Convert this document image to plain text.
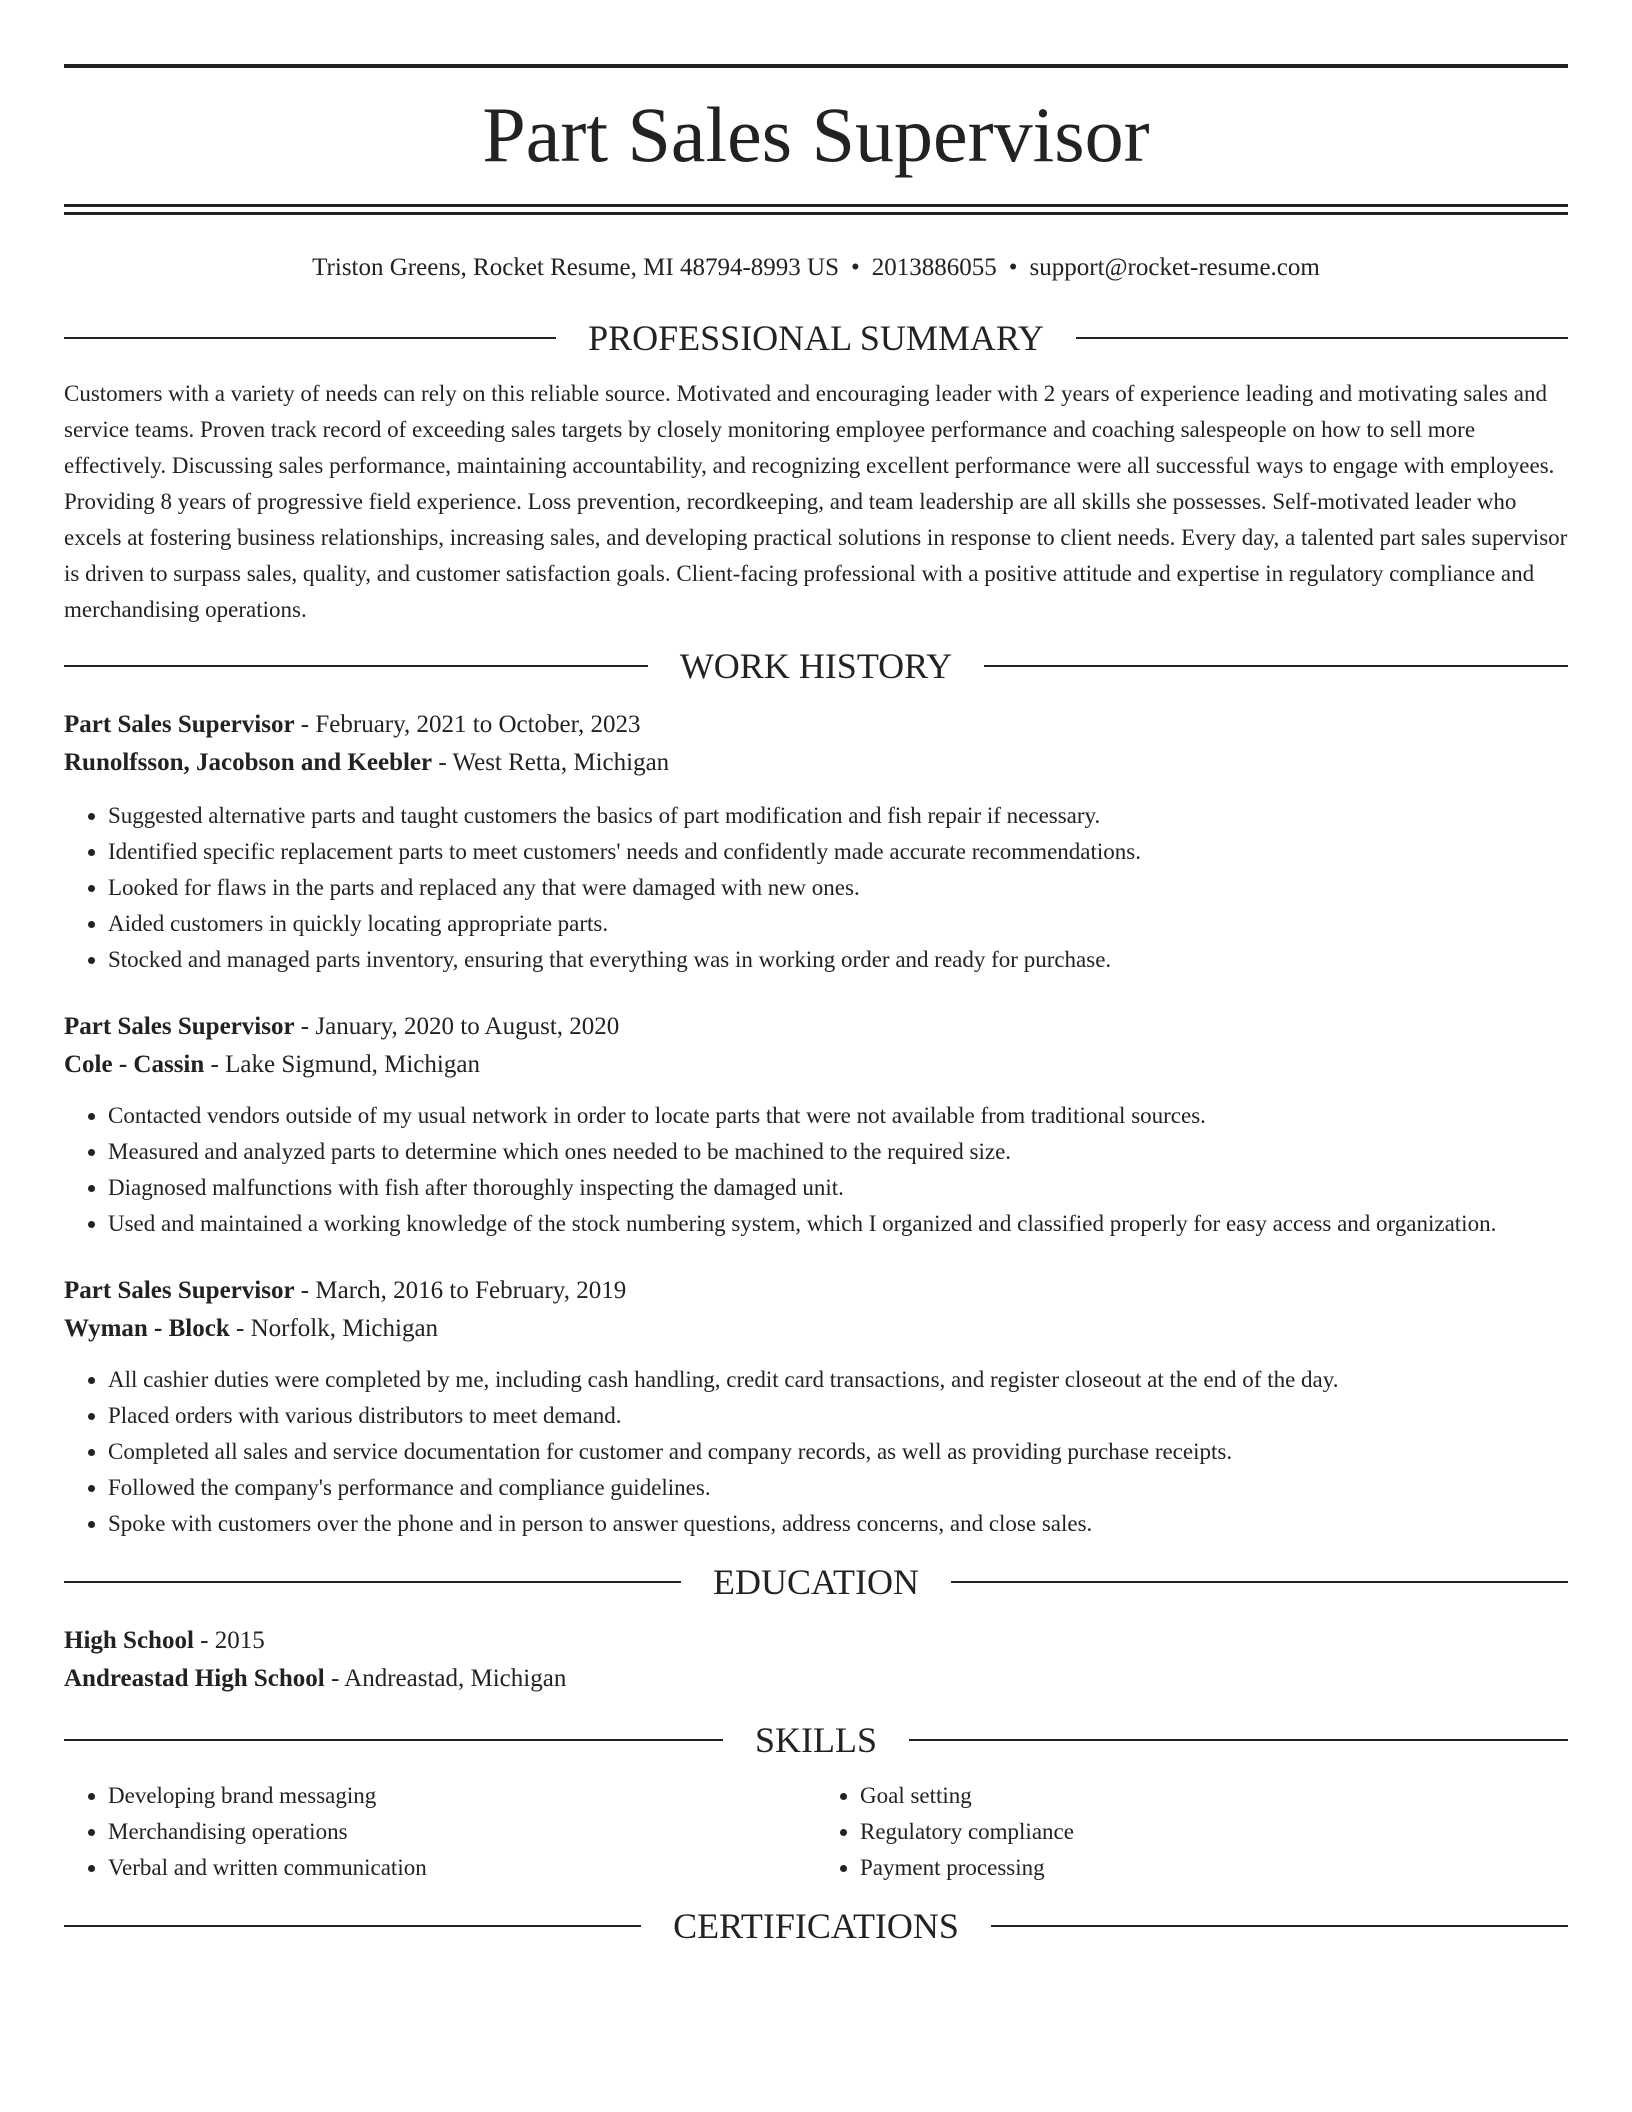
Part Sales Supervisor

Triston Greens, Rocket Resume, MI 48794-8993 US • 2013886055 • support@rocket-resume.com

PROFESSIONAL SUMMARY

Customers with a variety of needs can rely on this reliable source. Motivated and encouraging leader with 2 years of experience leading and motivating sales and service teams. Proven track record of exceeding sales targets by closely monitoring employee performance and coaching salespeople on how to sell more effectively. Discussing sales performance, maintaining accountability, and recognizing excellent performance were all successful ways to engage with employees. Providing 8 years of progressive field experience. Loss prevention, recordkeeping, and team leadership are all skills she possesses. Self-motivated leader who excels at fostering business relationships, increasing sales, and developing practical solutions in response to client needs. Every day, a talented part sales supervisor is driven to surpass sales, quality, and customer satisfaction goals. Client-facing professional with a positive attitude and expertise in regulatory compliance and merchandising operations.

WORK HISTORY

Part Sales Supervisor - February, 2021 to October, 2023

Runolfsson, Jacobson and Keebler - West Retta, Michigan

• Suggested alternative parts and taught customers the basics of part modification and fish repair if necessary.
• Identified specific replacement parts to meet customers' needs and confidently made accurate recommendations.
• Looked for flaws in the parts and replaced any that were damaged with new ones.
• Aided customers in quickly locating appropriate parts.
• Stocked and managed parts inventory, ensuring that everything was in working order and ready for purchase.

Part Sales Supervisor - January, 2020 to August, 2020

Cole - Cassin - Lake Sigmund, Michigan

• Contacted vendors outside of my usual network in order to locate parts that were not available from traditional sources.
• Measured and analyzed parts to determine which ones needed to be machined to the required size.
• Diagnosed malfunctions with fish after thoroughly inspecting the damaged unit.
• Used and maintained a working knowledge of the stock numbering system, which I organized and classified properly for easy access and organization.

Part Sales Supervisor - March, 2016 to February, 2019

Wyman - Block - Norfolk, Michigan

• All cashier duties were completed by me, including cash handling, credit card transactions, and register closeout at the end of the day.
• Placed orders with various distributors to meet demand.
• Completed all sales and service documentation for customer and company records, as well as providing purchase receipts.
• Followed the company's performance and compliance guidelines.
• Spoke with customers over the phone and in person to answer questions, address concerns, and close sales.
EDUCATION

High School - 2015

Andreastad High School - Andreastad, Michigan

SKILLS
• Developing brand messaging
• Merchandising operations
• Verbal and written communication
• Goal setting
• Regulatory compliance
• Payment processing
CERTIFICATIONS
